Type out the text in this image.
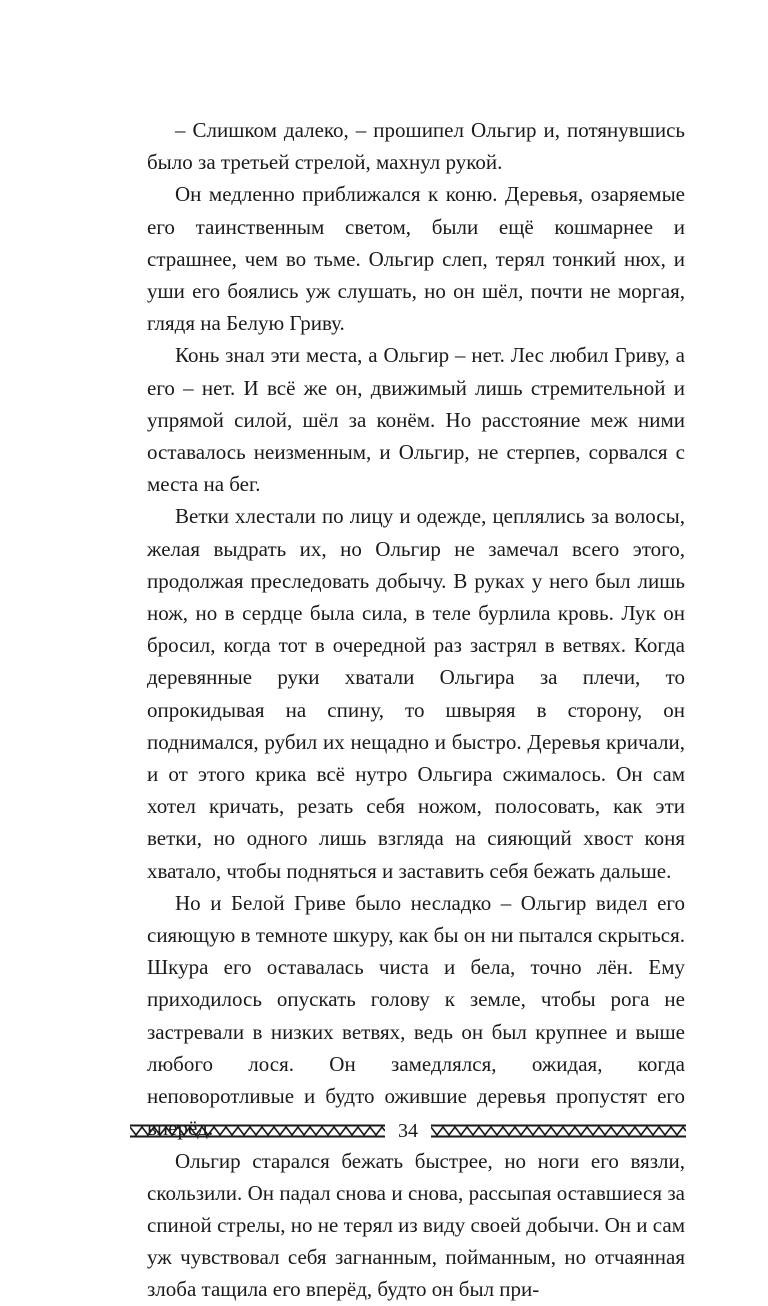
– Слишком далеко, – прошипел Ольгир и, потянувшись было за третьей стрелой, махнул рукой.

Он медленно приближался к коню. Деревья, озаряемые его таинственным светом, были ещё кошмарнее и страшнее, чем во тьме. Ольгир слеп, терял тонкий нюх, и уши его боялись уж слушать, но он шёл, почти не моргая, глядя на Белую Гриву.

Конь знал эти места, а Ольгир – нет. Лес любил Гриву, а его – нет. И всё же он, движимый лишь стремительной и упрямой силой, шёл за конём. Но расстояние меж ними оставалось неизменным, и Ольгир, не стерпев, сорвался с места на бег.

Ветки хлестали по лицу и одежде, цеплялись за волосы, желая выдрать их, но Ольгир не замечал всего этого, продолжая преследовать добычу. В руках у него был лишь нож, но в сердце была сила, в теле бурлила кровь. Лук он бросил, когда тот в очередной раз застрял в ветвях. Когда деревянные руки хватали Ольгира за плечи, то опрокидывая на спину, то швыряя в сторону, он поднимался, рубил их нещадно и быстро. Деревья кричали, и от этого крика всё нутро Ольгира сжималось. Он сам хотел кричать, резать себя ножом, полосовать, как эти ветки, но одного лишь взгляда на сияющий хвост коня хватало, чтобы подняться и заставить себя бежать дальше.

Но и Белой Гриве было несладко – Ольгир видел его сияющую в темноте шкуру, как бы он ни пытался скрыться. Шкура его оставалась чиста и бела, точно лён. Ему приходилось опускать голову к земле, чтобы рога не застревали в низких ветвях, ведь он был крупнее и выше любого лося. Он замедлялся, ожидая, когда неповоротливые и будто ожившие деревья пропустят его вперёд.

Ольгир старался бежать быстрее, но ноги его вязли, скользили. Он падал снова и снова, рассыпая оставшиеся за спиной стрелы, но не терял из виду своей добычи. Он и сам уж чувствовал себя загнанным, пойманным, но отчаянная злоба тащила его вперёд, будто он был при-

34
